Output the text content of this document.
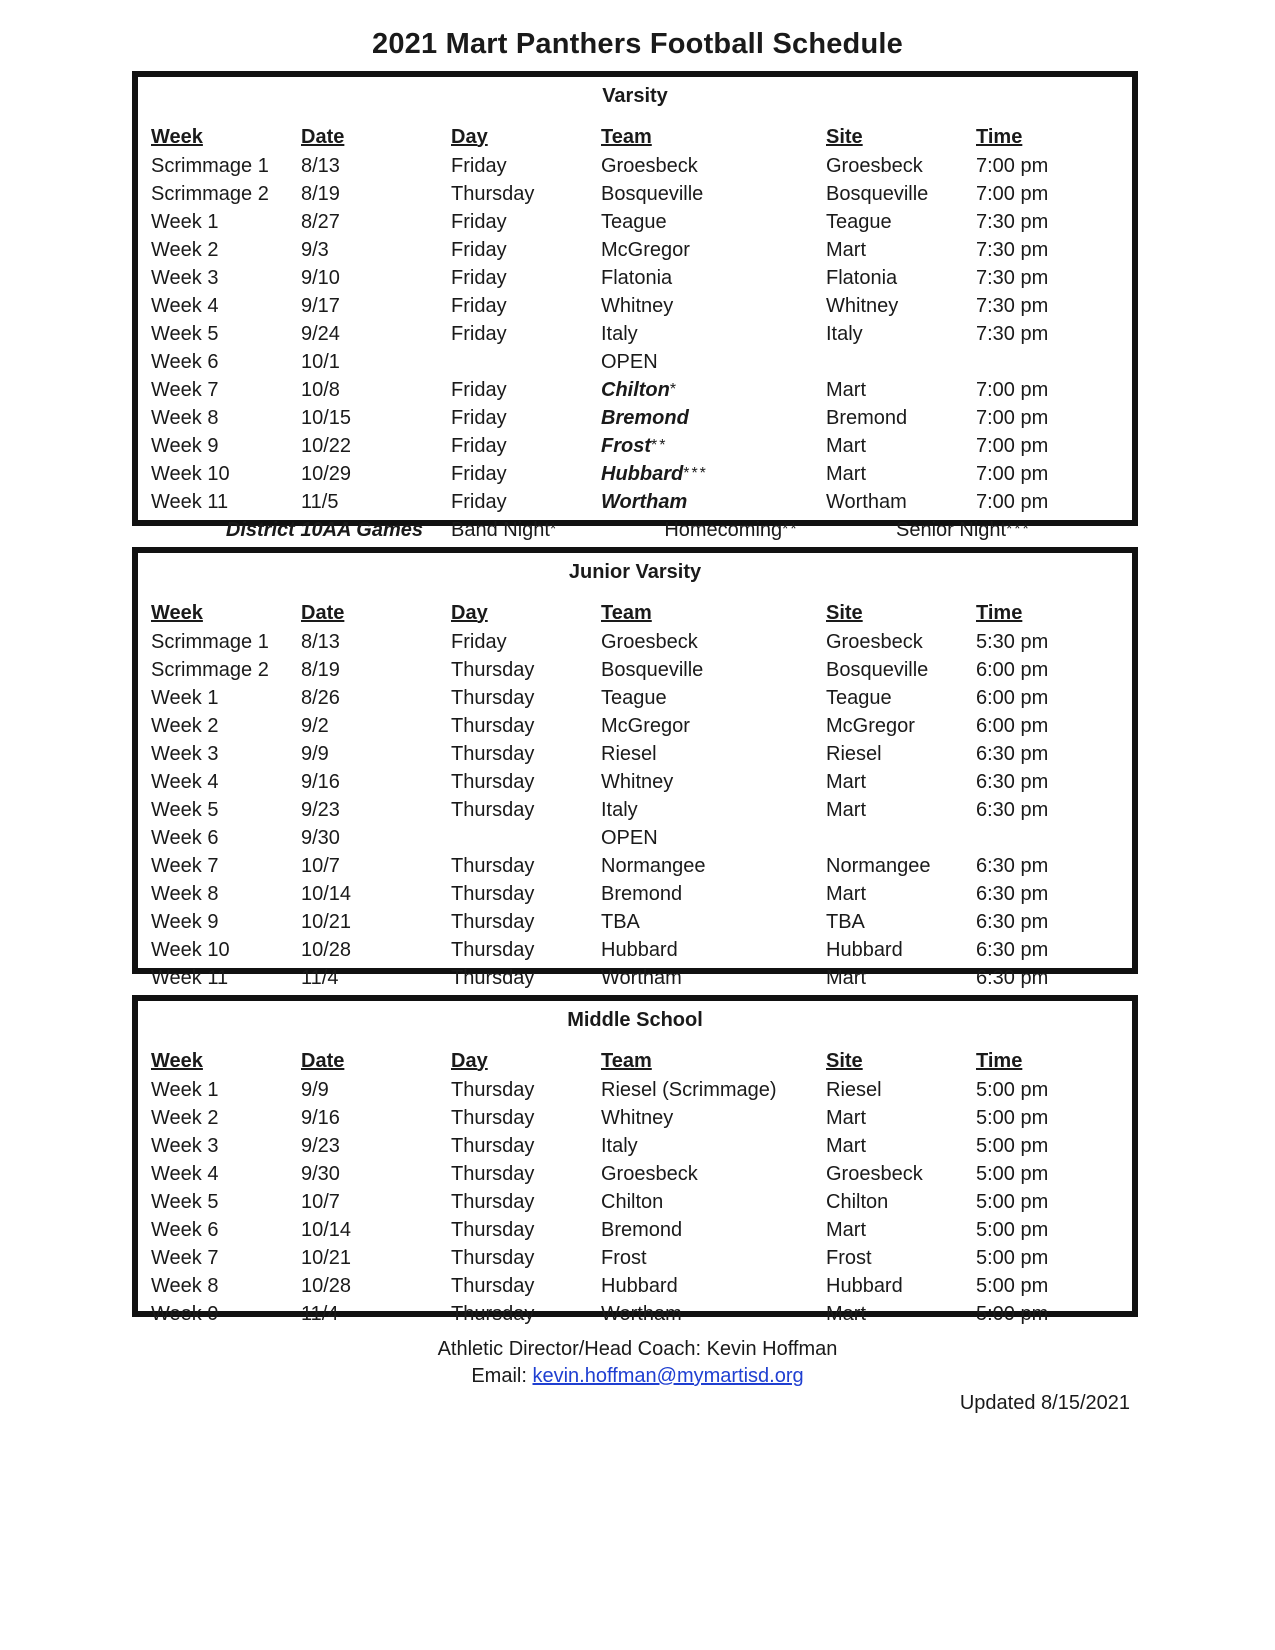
2021 Mart Panthers Football Schedule
Varsity

Week	Date	Day	Team	Site	Time
Scrimmage 1	8/13	Friday	Groesbeck	Groesbeck	7:00 pm
Scrimmage 2	8/19	Thursday	Bosqueville	Bosqueville	7:00 pm
Week 1	8/27	Friday	Teague	Teague	7:30 pm
Week 2	9/3	Friday	McGregor	Mart	7:30 pm
Week 3	9/10	Friday	Flatonia	Flatonia	7:30 pm
Week 4	9/17	Friday	Whitney	Whitney	7:30 pm
Week 5	9/24	Friday	Italy	Italy	7:30 pm
Week 6	10/1		OPEN		
Week 7	10/8	Friday	Chilton*	Mart	7:00 pm
Week 8	10/15	Friday	Bremond	Bremond	7:00 pm
Week 9	10/22	Friday	Frost**	Mart	7:00 pm
Week 10	10/29	Friday	Hubbard***	Mart	7:00 pm
Week 11	11/5	Friday	Wortham	Wortham	7:00 pm
District 10AA Games		Band Night* Homecoming**		Senior Night***	
Junior Varsity

Week	Date	Day	Team	Site	Time
Scrimmage 1	8/13	Friday	Groesbeck	Groesbeck	5:30 pm
Scrimmage 2	8/19	Thursday	Bosqueville	Bosqueville	6:00 pm
Week 1	8/26	Thursday	Teague	Teague	6:00 pm
Week 2	9/2	Thursday	McGregor	McGregor	6:00 pm
Week 3	9/9	Thursday	Riesel	Riesel	6:30 pm
Week 4	9/16	Thursday	Whitney	Mart	6:30 pm
Week 5	9/23	Thursday	Italy	Mart	6:30 pm
Week 6	9/30		OPEN		
Week 7	10/7	Thursday	Normangee	Normangee	6:30 pm
Week 8	10/14	Thursday	Bremond	Mart	6:30 pm
Week 9	10/21	Thursday	TBA	TBA	6:30 pm
Week 10	10/28	Thursday	Hubbard	Hubbard	6:30 pm
Week 11	11/4	Thursday	Wortham	Mart	6:30 pm
Middle School

Week	Date	Day	Team	Site	Time
Week 1	9/9	Thursday	Riesel (Scrimmage)	Riesel	5:00 pm
Week 2	9/16	Thursday	Whitney	Mart	5:00 pm
Week 3	9/23	Thursday	Italy	Mart	5:00 pm
Week 4	9/30	Thursday	Groesbeck	Groesbeck	5:00 pm
Week 5	10/7	Thursday	Chilton	Chilton	5:00 pm
Week 6	10/14	Thursday	Bremond	Mart	5:00 pm
Week 7	10/21	Thursday	Frost	Frost	5:00 pm
Week 8	10/28	Thursday	Hubbard	Hubbard	5:00 pm
Week 9	11/4	Thursday	Wortham	Mart	5:00 pm
Athletic Director/Head Coach: Kevin Hoffman
Email: kevin.hoffman@mymartisd.org
Updated 8/15/2021
